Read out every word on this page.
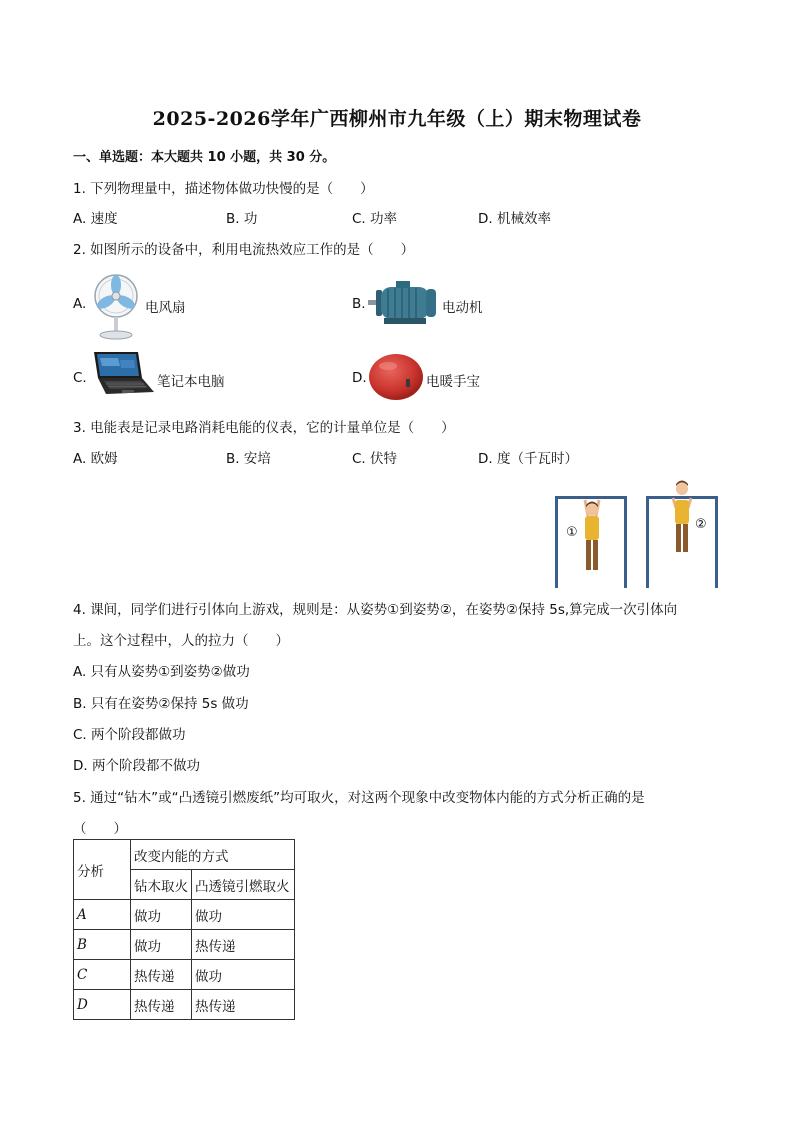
2025-2026学年广西柳州市九年级（上）期末物理试卷
一、单选题：本大题共 10 小题，共 30 分。
1. 下列物理量中，描述物体做功快慢的是（　　）
A. 速度	B. 功	C. 功率	D. 机械效率
2. 如图所示的设备中，利用电流热效应工作的是（　　）
A.	电风扇	B.	电动机
C.	笔记本电脑	D.	电暖手宝
3. 电能表是记录电路消耗电能的仪表，它的计量单位是（　　）
A. 欧姆	B. 安培	C. 伏特	D. 度（千瓦时）
①
②
4. 课间，同学们进行引体向上游戏，规则是：从姿势①到姿势②，在姿势②保持 5s,算完成一次引体向
上。这个过程中，人的拉力（　　）
A. 只有从姿势①到姿势②做功
B. 只有在姿势②保持 5s 做功
C. 两个阶段都做功
D. 两个阶段都不做功
5. 通过“钻木”或“凸透镜引燃废纸”均可取火，对这两个现象中改变物体内能的方式分析正确的是
（　　）
分析	改变内能的方式	
	钻木取火	凸透镜引燃取火
A	做功	做功
B	做功	热传递
C	热传递	做功
D	热传递	热传递
